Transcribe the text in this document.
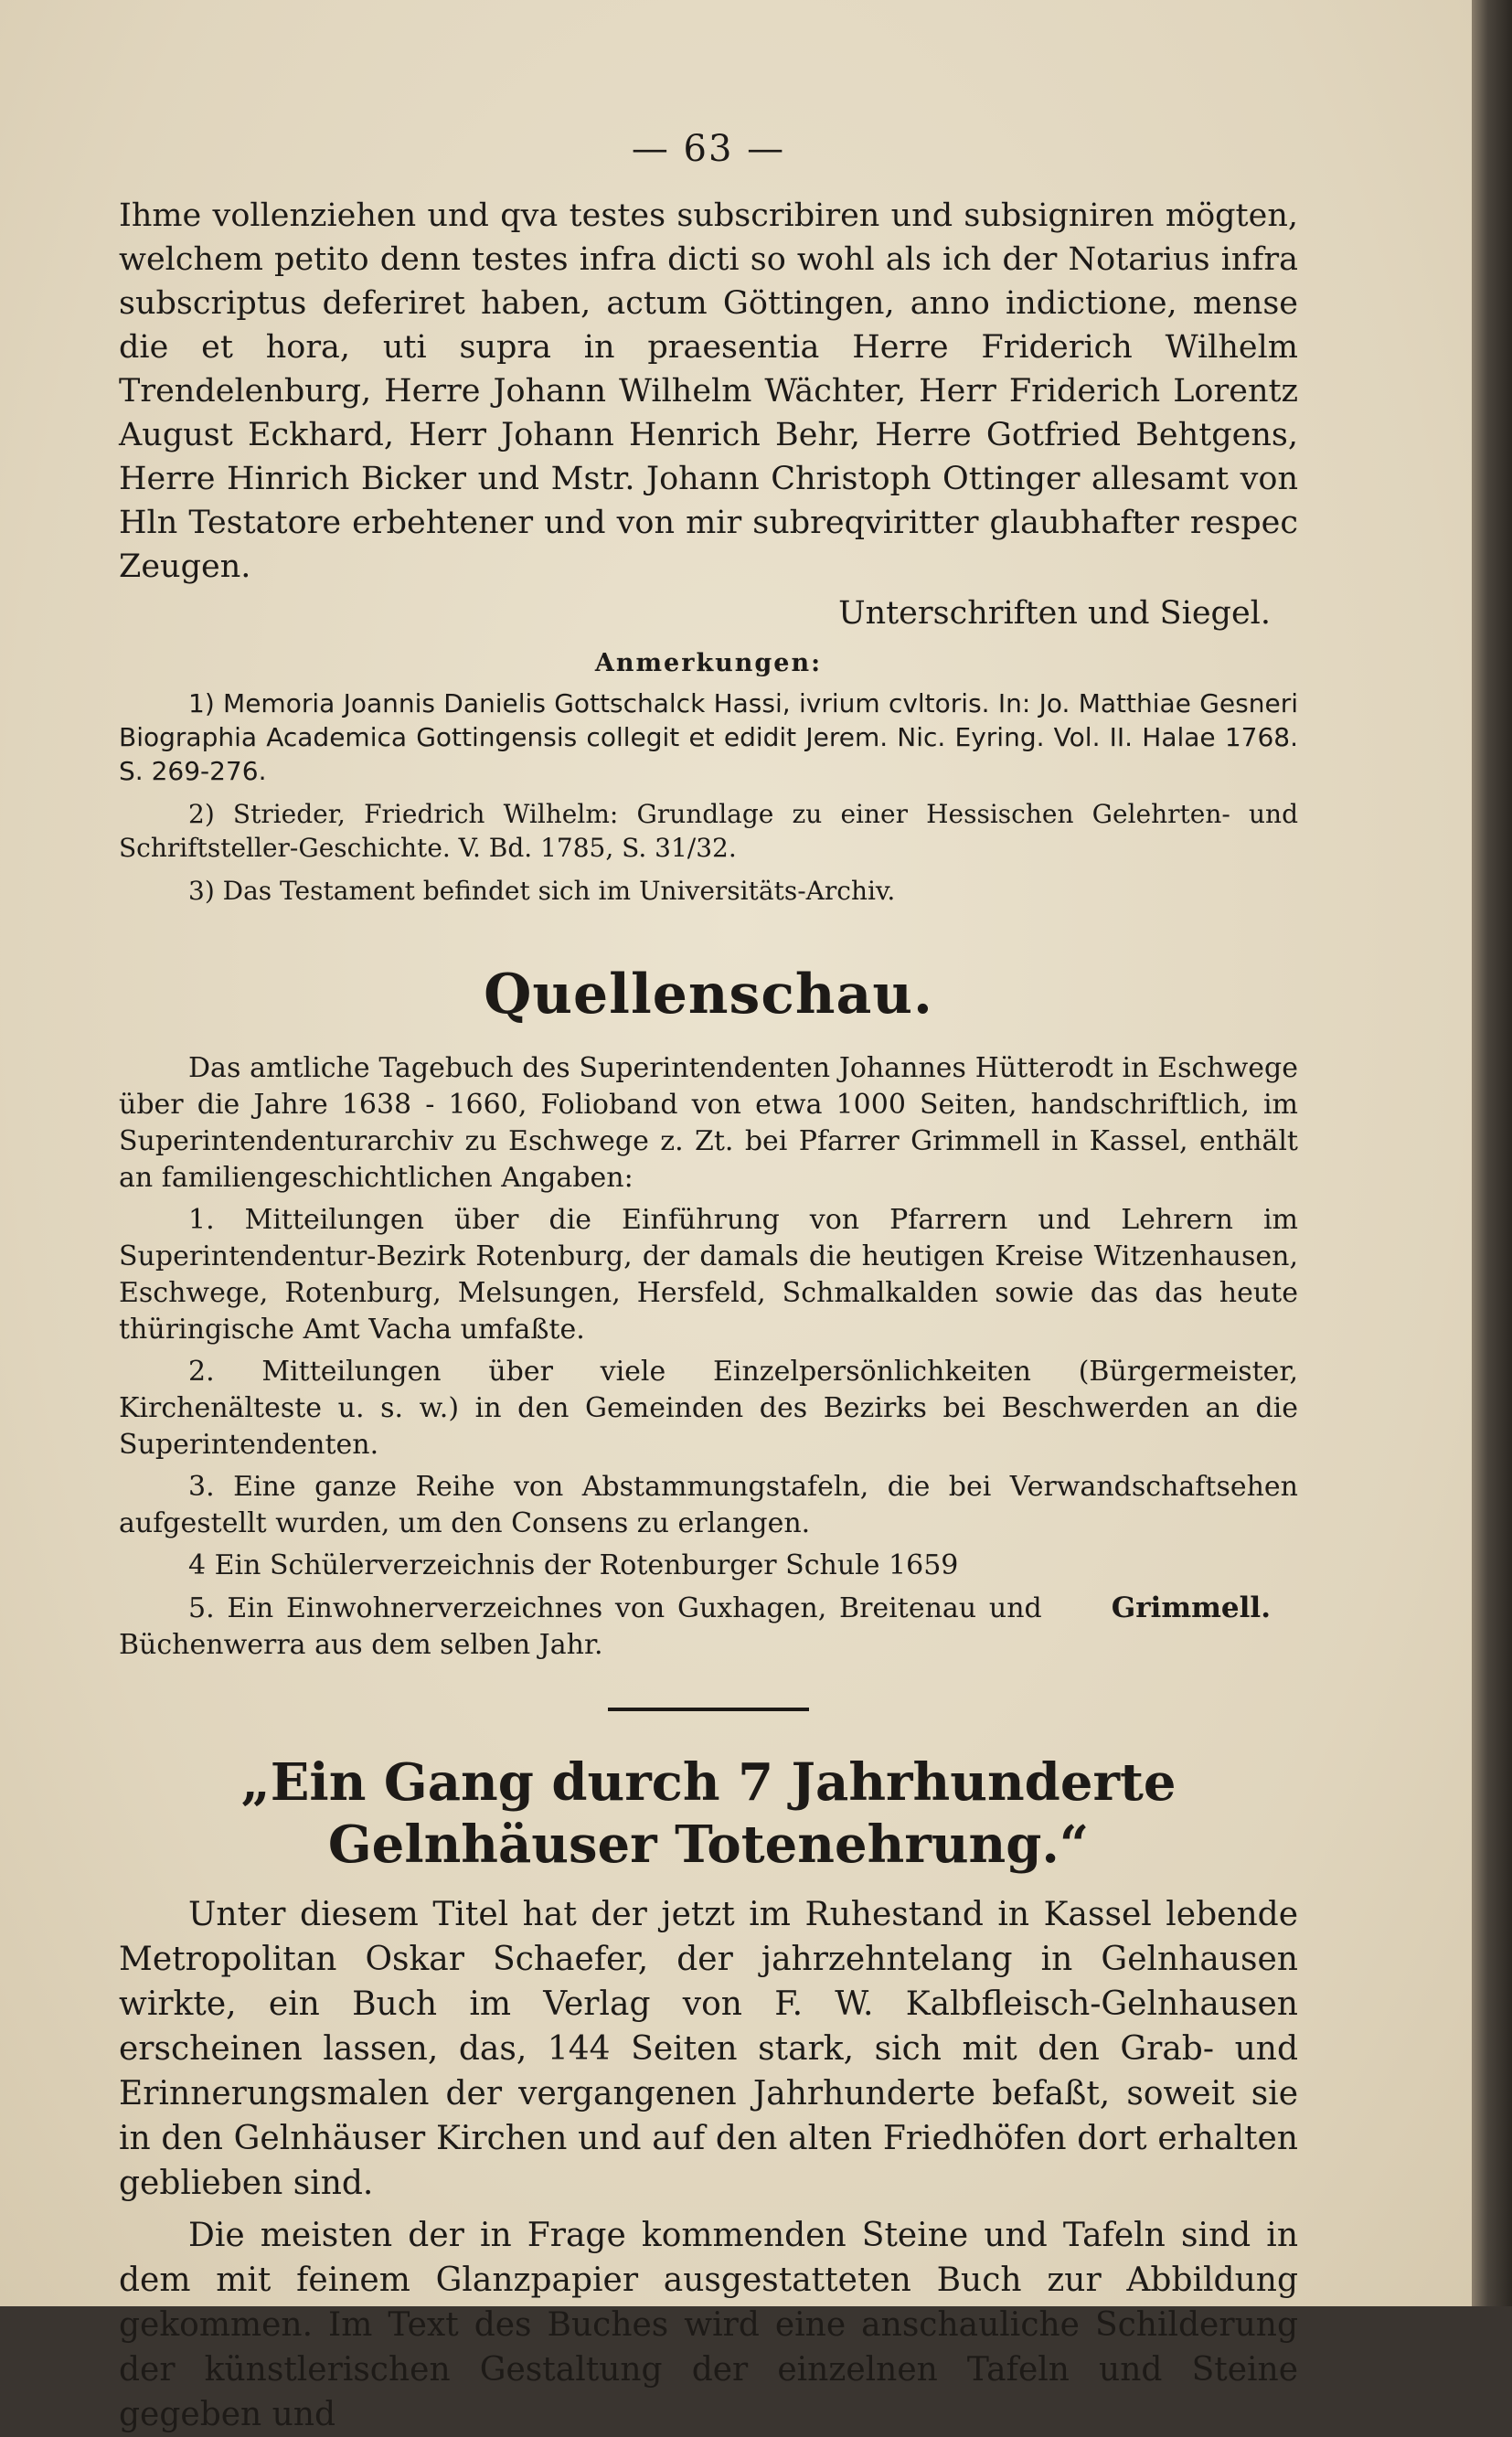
— 63 —

Ihme vollenziehen und qva testes subscribiren und subsigniren mögten, welchem petito denn testes infra dicti so wohl als ich der Notarius infra subscriptus deferiret haben, actum Göttingen, anno indictione, mense die et hora, uti supra in praesentia Herre Friderich Wilhelm Trendelenburg, Herre Johann Wilhelm Wächter, Herr Friderich Lorentz August Eckhard, Herr Johann Henrich Behr, Herre Gotfried Behtgens, Herre Hinrich Bicker und Mstr. Johann Christoph Ottinger allesamt von Hln Testatore erbehtener und von mir subreqviritter glaubhafter respec Zeugen.

Unterschriften und Siegel.
Anmerkungen:

1) Memoria Joannis Danielis Gottschalck Hassi, ivrium cvltoris. In: Jo. Matthiae Gesneri Biographia Academica Gottingensis collegit et edidit Jerem. Nic. Eyring. Vol. II. Halae 1768. S. 269-276.

2) Strieder, Friedrich Wilhelm: Grundlage zu einer Hessischen Gelehrten- und Schriftsteller-Geschichte. V. Bd. 1785, S. 31/32.

3) Das Testament befindet sich im Universitäts-Archiv.

Quellenschau.

Das amtliche Tagebuch des Superintendenten Johannes Hütterodt in Eschwege über die Jahre 1638 - 1660, Folioband von etwa 1000 Seiten, handschriftlich, im Superintendenturarchiv zu Eschwege z. Zt. bei Pfarrer Grimmell in Kassel, enthält an familiengeschichtlichen Angaben:

1. Mitteilungen über die Einführung von Pfarrern und Lehrern im Superintendentur-Bezirk Rotenburg, der damals die heutigen Kreise Witzenhausen, Eschwege, Rotenburg, Melsungen, Hersfeld, Schmalkalden sowie das das heute thüringische Amt Vacha umfaßte.

2. Mitteilungen über viele Einzelpersönlichkeiten (Bürgermeister, Kirchenälteste u. s. w.) in den Gemeinden des Bezirks bei Beschwerden an die Superintendenten.

3. Eine ganze Reihe von Abstammungstafeln, die bei Verwandschaftsehen aufgestellt wurden, um den Consens zu erlangen.

4 Ein Schülerverzeichnis der Rotenburger Schule 1659

5. Ein Einwohnerverzeichnes von Guxhagen, Breitenau und Büchenwerra aus dem selben Jahr.
Grimmell.
„Ein Gang durch 7 Jahrhunderte
Gelnhäuser Totenehrung.“

Unter diesem Titel hat der jetzt im Ruhestand in Kassel lebende Metropolitan Oskar Schaefer, der jahrzehntelang in Gelnhausen wirkte, ein Buch im Verlag von F. W. Kalbfleisch-Gelnhausen erscheinen lassen, das, 144 Seiten stark, sich mit den Grab- und Erinnerungsmalen der vergangenen Jahrhunderte befaßt, soweit sie in den Gelnhäuser Kirchen und auf den alten Friedhöfen dort erhalten geblieben sind.

Die meisten der in Frage kommenden Steine und Tafeln sind in dem mit feinem Glanzpapier ausgestatteten Buch zur Abbildung gekommen. Im Text des Buches wird eine anschauliche Schilderung der künstlerischen Gestaltung der einzelnen Tafeln und Steine gegeben und
